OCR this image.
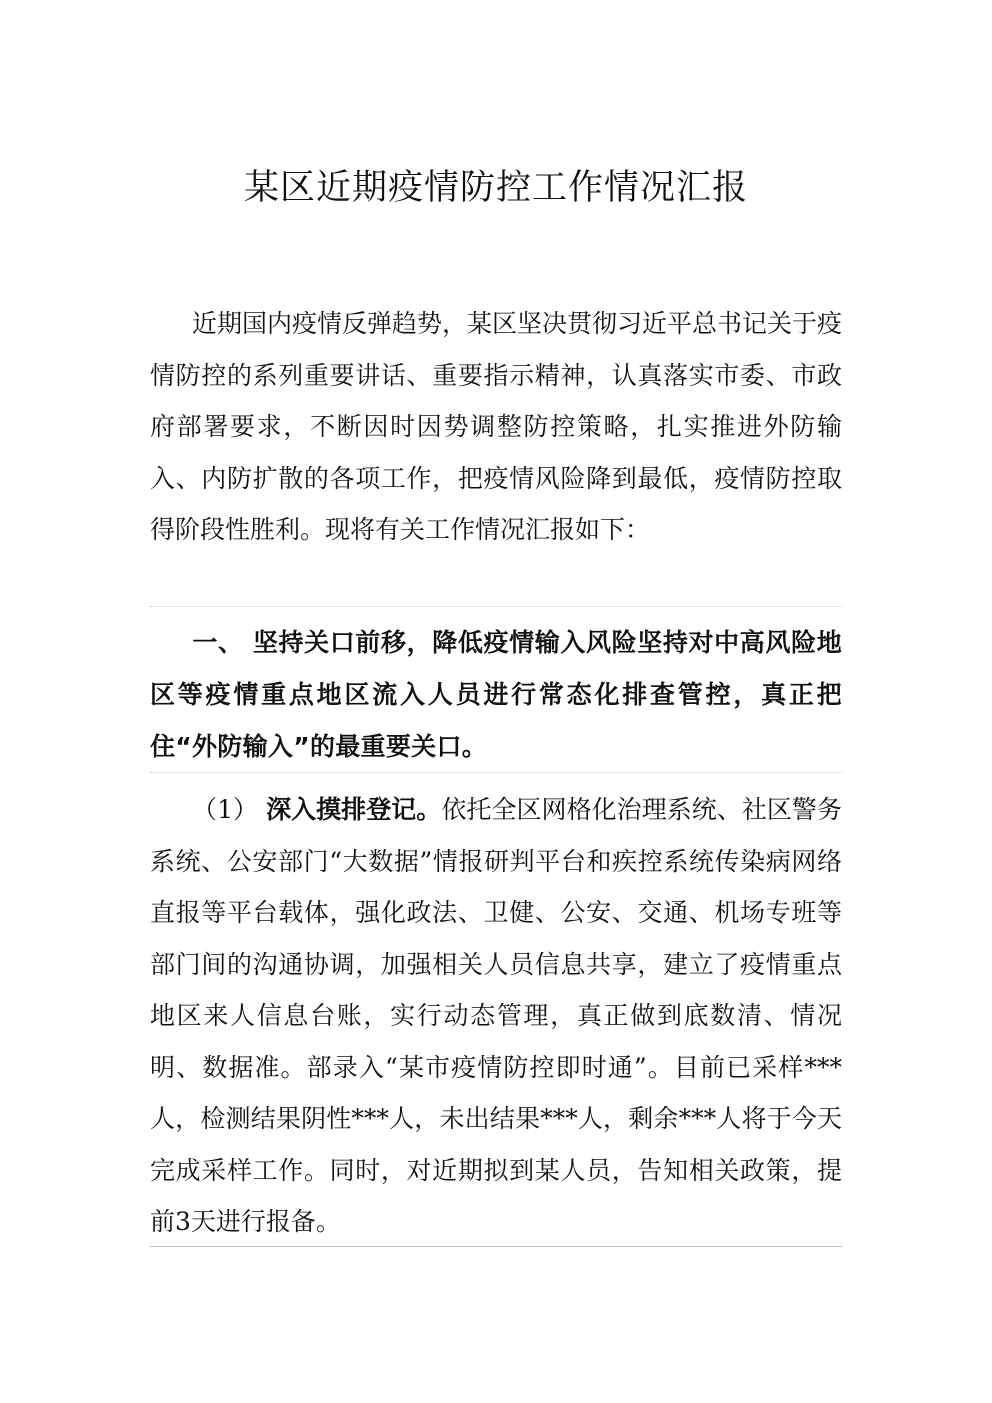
某区近期疫情防控工作情况汇报

近期国内疫情反弹趋势，某区坚决贯彻习近平总书记关于疫情防控的系列重要讲话、重要指示精神，认真落实市委、市政府部署要求，不断因时因势调整防控策略，扎实推进外防输入、内防扩散的各项工作，把疫情风险降到最低，疫情防控取得阶段性胜利。现将有关工作情况汇报如下：

一、 坚持关口前移，降低疫情输入风险坚持对中高风险地区等疫情重点地区流入人员进行常态化排查管控，真正把住“外防输入”的最重要关口。

（1） 深入摸排登记。依托全区网格化治理系统、社区警务系统、公安部门“大数据”情报研判平台和疾控系统传染病网络直报等平台载体，强化政法、卫健、公安、交通、机场专班等部门间的沟通协调，加强相关人员信息共享，建立了疫情重点地区来人信息台账，实行动态管理，真正做到底数清、情况明、数据准。部录入“某市疫情防控即时通”。目前已采样***人，检测结果阴性***人，未出结果***人，剩余***人将于今天完成采样工作。同时，对近期拟到某人员，告知相关政策，提前3天进行报备。
